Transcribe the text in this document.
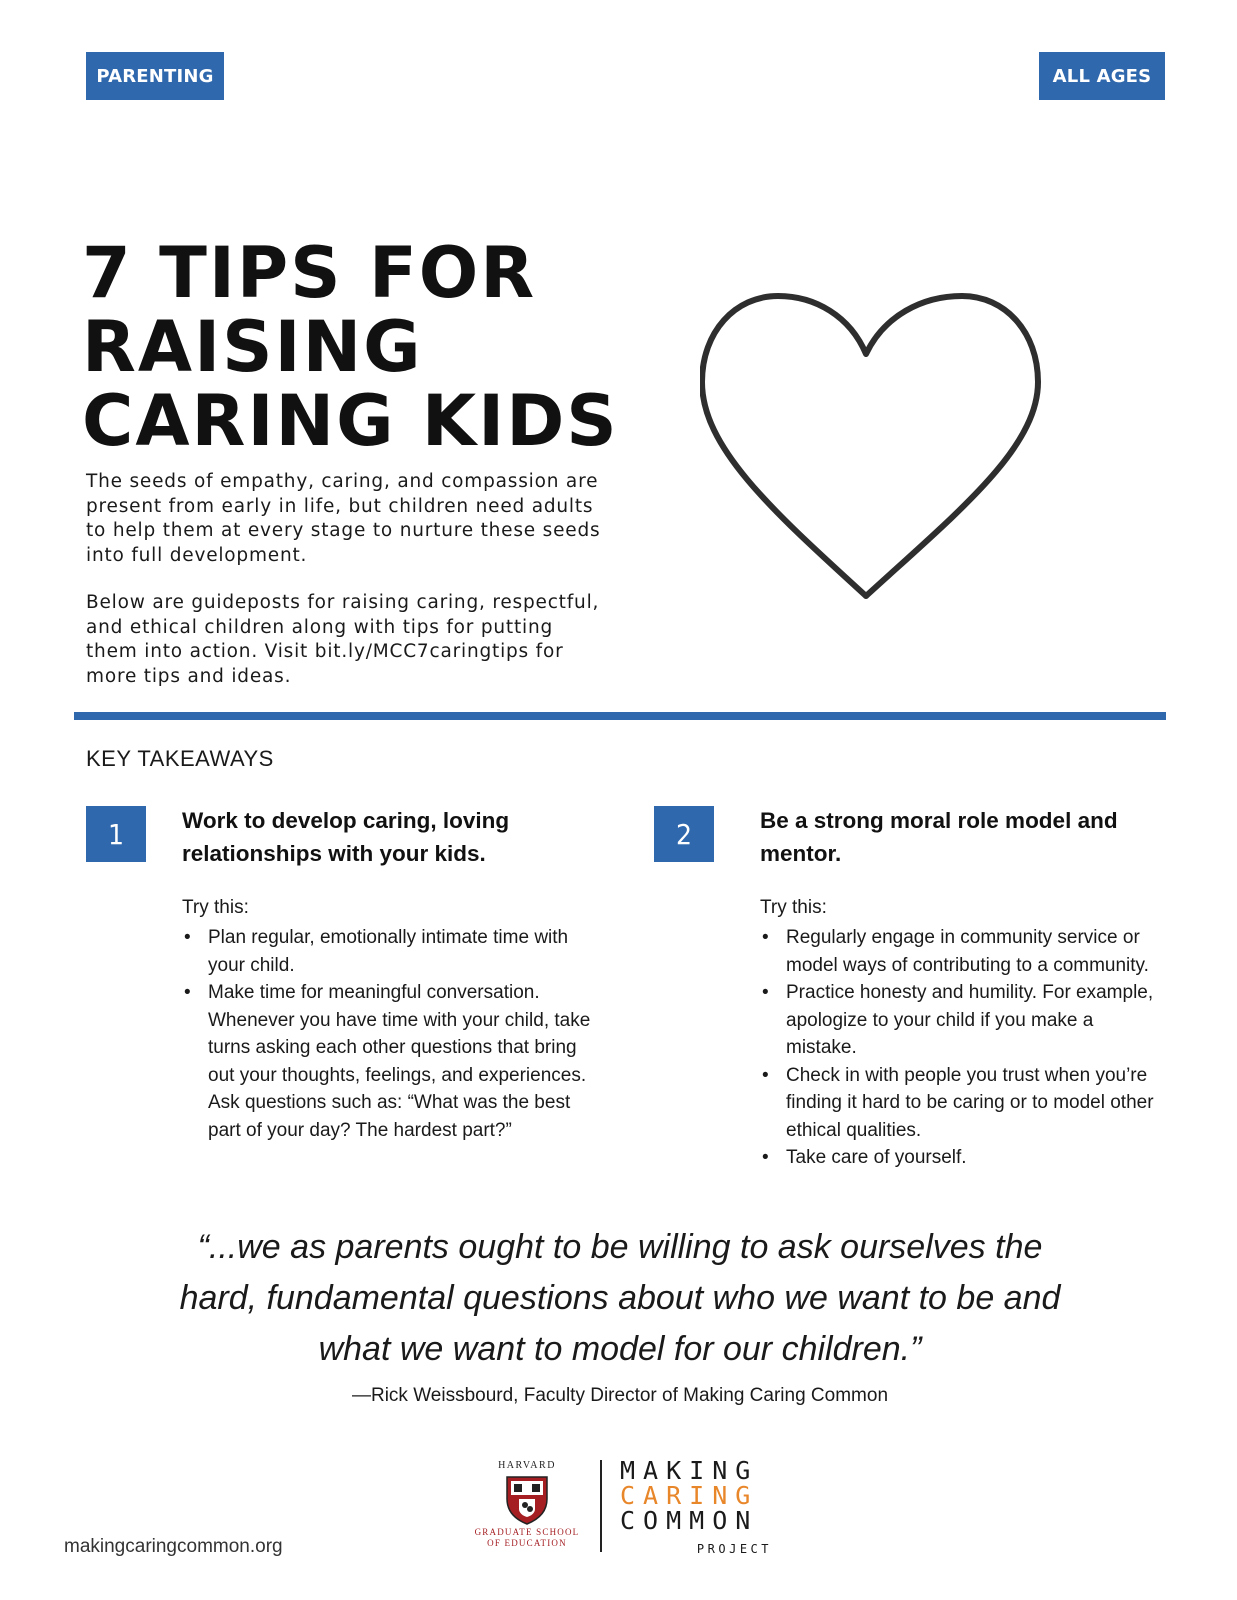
PARENTING	ALL AGES
7 TIPS FOR
RAISING
CARING KIDS

The seeds of empathy, caring, and compassion are present from early in life, but children need adults to help them at every stage to nurture these seeds into full development.

Below are guideposts for raising caring, respectful, and ethical children along with tips for putting them into action. Visit bit.ly/MCC7caringtips for more tips and ideas.

KEY TAKEAWAYS
1	Work to develop caring, loving relationships with your kids.
Try this:
• Plan regular, emotionally intimate time with your child.
• Make time for meaningful conversation. Whenever you have time with your child, take turns asking each other questions that bring out your thoughts, feelings, and experiences. Ask questions such as: “What was the best part of your day? The hardest part?”
2	Be a strong moral role model and mentor.
Try this:
• Regularly engage in community service or model ways of contributing to a community.
• Practice honesty and humility. For example, apologize to your child if you make a mistake.
• Check in with people you trust when you’re finding it hard to be caring or to model other ethical qualities.
• Take care of yourself.

“...we as parents ought to be willing to ask ourselves the
hard, fundamental questions about who we want to be and
what we want to model for our children.”

—Rick Weissbourd, Faculty Director of Making Caring Common
makingcaringcommon.org
HARVARD
GRADUATE SCHOOL
OF EDUCATION
MAKING
CARING
COMMON
PROJECT
